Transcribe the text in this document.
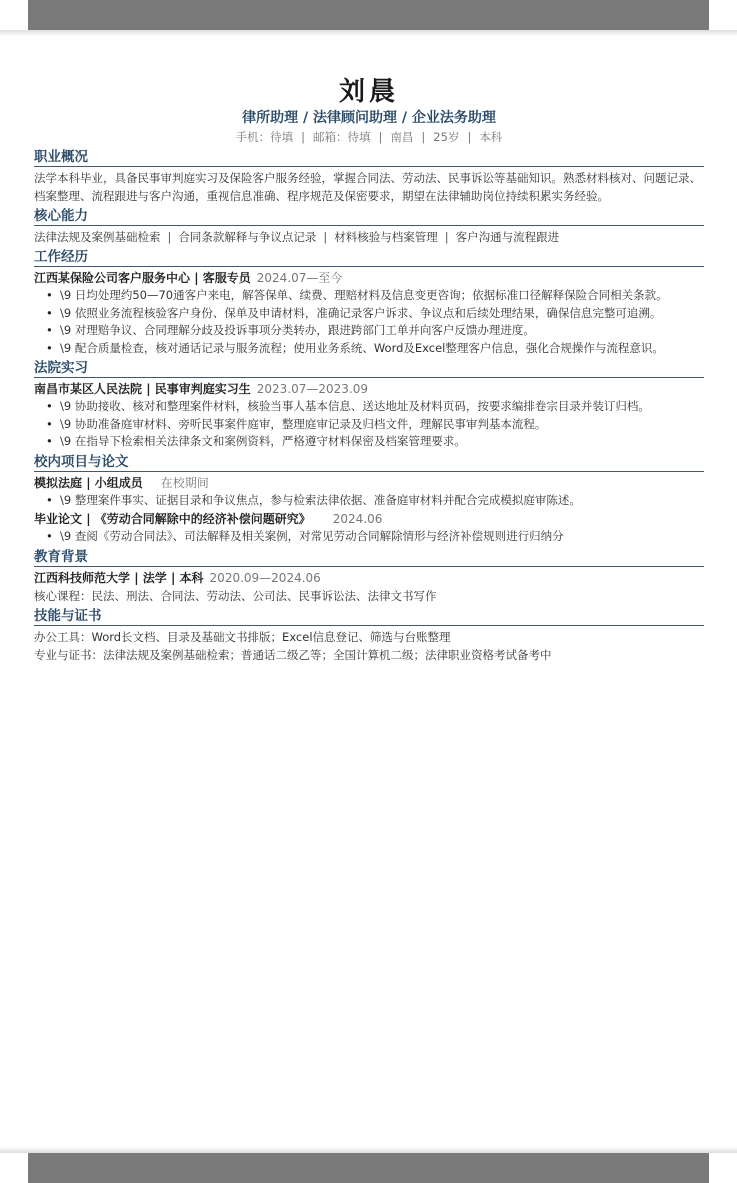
刘晨
律所助理 / 法律顾问助理 / 企业法务助理
手机：待填 | 邮箱：待填 | 南昌 | 25岁 | 本科
职业概况

法学本科毕业，具备民事审判庭实习及保险客户服务经验，掌握合同法、劳动法、民事诉讼等基础知识。熟悉材料核对、问题记录、档案整理、流程跟进与客户沟通，重视信息准确、程序规范及保密要求，期望在法律辅助岗位持续积累实务经验。

核心能力

法律法规及案例基础检索 | 合同条款解释与争议点记录 | 材料核验与档案管理 | 客户沟通与流程跟进

工作经历
江西某保险公司客户服务中心 | 客服专员 2024.07—至今
• \9 日均处理约50—70通客户来电，解答保单、续费、理赔材料及信息变更咨询；依据标准口径解释保险合同相关条款。
• \9 依照业务流程核验客户身份、保单及申请材料，准确记录客户诉求、争议点和后续处理结果，确保信息完整可追溯。
• \9 对理赔争议、合同理解分歧及投诉事项分类转办，跟进跨部门工单并向客户反馈办理进度。
• \9 配合质量检查，核对通话记录与服务流程；使用业务系统、Word及Excel整理客户信息，强化合规操作与流程意识。
法院实习
南昌市某区人民法院 | 民事审判庭实习生 2023.07—2023.09
• \9 协助接收、核对和整理案件材料，核验当事人基本信息、送达地址及材料页码，按要求编排卷宗目录并装订归档。
• \9 协助准备庭审材料、旁听民事案件庭审，整理庭审记录及归档文件，理解民事审判基本流程。
• \9 在指导下检索相关法律条文和案例资料，严格遵守材料保密及档案管理要求。
校内项目与论文
模拟法庭 | 小组成员 在校期间
• \9 整理案件事实、证据目录和争议焦点，参与检索法律依据、准备庭审材料并配合完成模拟庭审陈述。
毕业论文 | 《劳动合同解除中的经济补偿问题研究》 2024.06
• \9 查阅《劳动合同法》、司法解释及相关案例，对常见劳动合同解除情形与经济补偿规则进行归纳分
教育背景
江西科技师范大学 | 法学 | 本科 2020.09—2024.06

核心课程：民法、刑法、合同法、劳动法、公司法、民事诉讼法、法律文书写作

技能与证书

办公工具：Word长文档、目录及基础文书排版；Excel信息登记、筛选与台账整理

专业与证书：法律法规及案例基础检索；普通话二级乙等；全国计算机二级；法律职业资格考试备考中
